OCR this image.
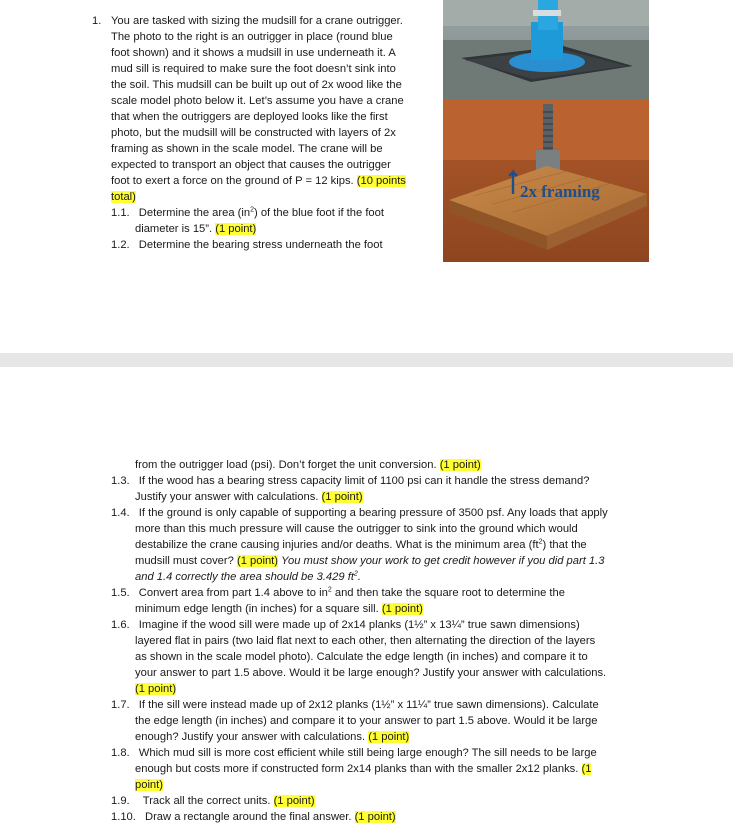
1. You are tasked with sizing the mudsill for a crane outrigger.
The photo to the right is an outrigger in place (round blue
foot shown) and it shows a mudsill in use underneath it. A
mud sill is required to make sure the foot doesn’t sink into
the soil. This mudsill can be built up out of 2x wood like the
scale model photo below it. Let’s assume you have a crane
that when the outriggers are deployed looks like the first
photo, but the mudsill will be constructed with layers of 2x
framing as shown in the scale model. The crane will be
expected to transport an object that causes the outrigger
foot to exert a force on the ground of P = 12 kips. (10 points
total)
1.1. Determine the area $(in^2)$ of the blue foot if the foot
diameter is 15”. (1 point)
1.2. Determine the bearing stress underneath the foot
2x framing
from the outrigger load (psi). Don’t forget the unit conversion. (1 point)
1.3. If the wood has a bearing stress capacity limit of 1100 psi can it handle the stress demand?
Justify your answer with calculations. (1 point)
1.4. If the ground is only capable of supporting a bearing pressure of 3500 psf. Any loads that apply
more than this much pressure will cause the outrigger to sink into the ground which would
destabilize the crane causing injuries and/or deaths. What is the minimum area $(ft^2)$ that the
mudsill must cover? (1 point) You must show your work to get credit however if you did part 1.3
and 1.4 correctly the area should be 3.429 $ft^2$.
1.5. Convert area from part 1.4 above to $in^2$ and then take the square root to determine the
minimum edge length (in inches) for a square sill. (1 point)
1.6. Imagine if the wood sill were made up of 2x14 planks (1½” x 13¼” true sawn dimensions)
layered flat in pairs (two laid flat next to each other, then alternating the direction of the layers
as shown in the scale model photo). Calculate the edge length (in inches) and compare it to
your answer to part 1.5 above. Would it be large enough? Justify your answer with calculations.
(1 point)
1.7. If the sill were instead made up of 2x12 planks (1½” x 11¼” true sawn dimensions). Calculate
the edge length (in inches) and compare it to your answer to part 1.5 above. Would it be large
enough? Justify your answer with calculations. (1 point)
1.8. Which mud sill is more cost efficient while still being large enough? The sill needs to be large
enough but costs more if constructed form 2x14 planks than with the smaller 2x12 planks. (1
point)
1.9. Track all the correct units. (1 point)
1.10. Draw a rectangle around the final answer. (1 point)
